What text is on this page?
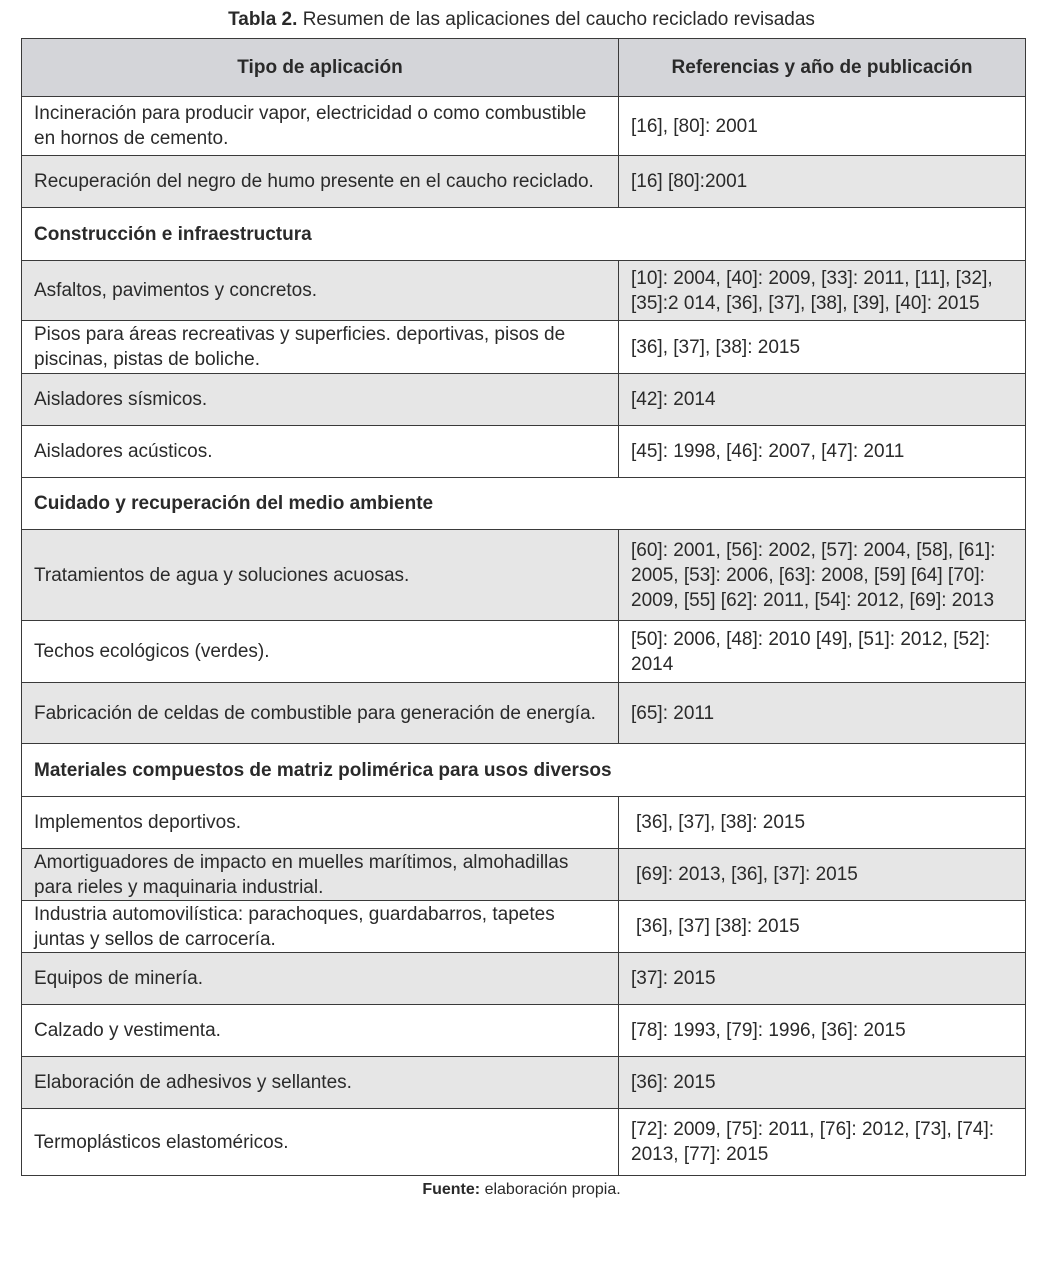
Tabla 2. Resumen de las aplicaciones del caucho reciclado revisadas
Tipo de aplicación	Referencias y año de publicación
Incineración para producir vapor, electricidad o como combustible en hornos de cemento.	[16], [80]: 2001
Recuperación del negro de humo presente en el caucho reciclado.	[16] [80]:2001
Construcción e infraestructura	
Asfaltos, pavimentos y concretos.	[10]: 2004, [40]: 2009, [33]: 2011, [11], [32], [35]:2 014, [36], [37], [38], [39], [40]: 2015
Pisos para áreas recreativas y superficies. deportivas, pisos de piscinas, pistas de boliche.	[36], [37], [38]: 2015
Aisladores sísmicos.	[42]: 2014
Aisladores acústicos.	[45]: 1998, [46]: 2007, [47]: 2011
Cuidado y recuperación del medio ambiente	
Tratamientos de agua y soluciones acuosas.	[60]: 2001, [56]: 2002, [57]: 2004, [58], [61]: 2005, [53]: 2006, [63]: 2008, [59] [64] [70]: 2009, [55] [62]: 2011, [54]: 2012, [69]: 2013
Techos ecológicos (verdes).	[50]: 2006, [48]: 2010 [49], [51]: 2012, [52]: 2014
Fabricación de celdas de combustible para generación de energía.	[65]: 2011
Materiales compuestos de matriz polimérica para usos diversos	
Implementos deportivos.	[36], [37], [38]: 2015
Amortiguadores de impacto en muelles marítimos, almohadillas para rieles y maquinaria industrial.	[69]: 2013, [36], [37]: 2015
Industria automovilística: parachoques, guardabarros, tapetes juntas y sellos de carrocería.	[36], [37] [38]: 2015
Equipos de minería.	[37]: 2015
Calzado y vestimenta.	[78]: 1993, [79]: 1996, [36]: 2015
Elaboración de adhesivos y sellantes.	[36]: 2015
Termoplásticos elastoméricos.	[72]: 2009, [75]: 2011, [76]: 2012, [73], [74]: 2013, [77]: 2015
Fuente: elaboración propia.
